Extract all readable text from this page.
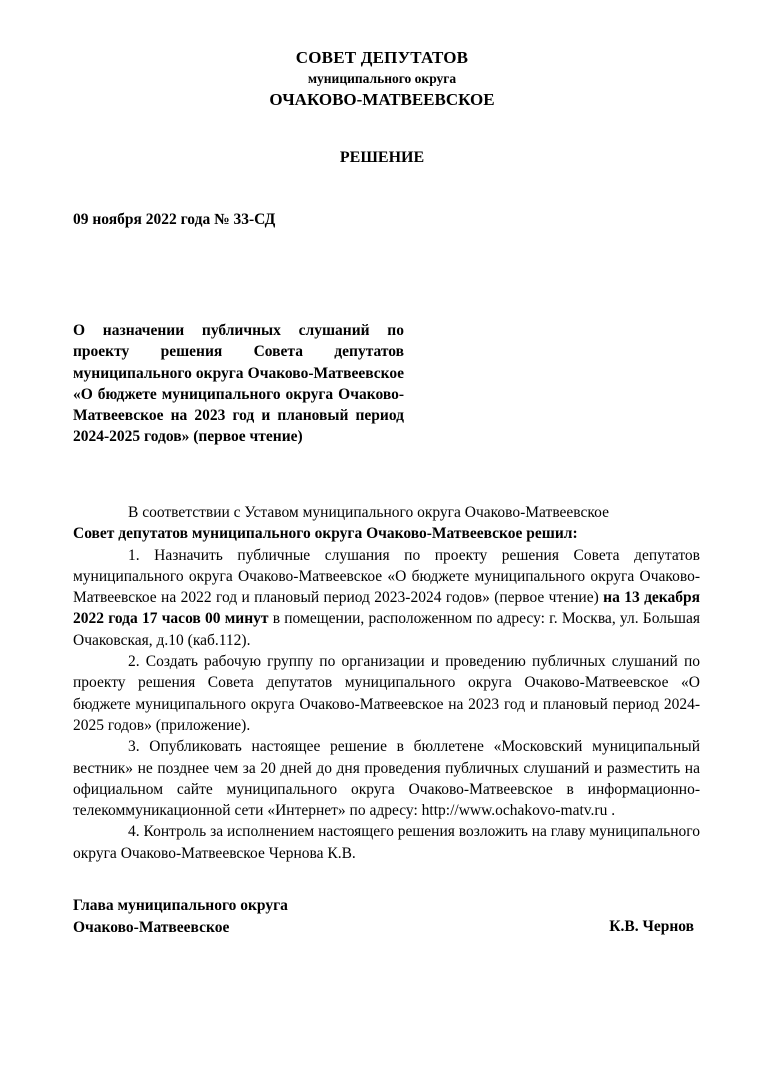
СОВЕТ ДЕПУТАТОВ
муниципального округа
ОЧАКОВО-МАТВЕЕВСКОЕ
РЕШЕНИЕ
09 ноября 2022 года № 33-СД
О назначении публичных слушаний по проекту решения Совета депутатов муниципального округа Очаково-Матвеевское «О бюджете муниципального округа Очаково-Матвеевское на 2023 год и плановый период 2024-2025 годов» (первое чтение)

В соответствии с Уставом муниципального округа Очаково-Матвеевское

Совет депутатов муниципального округа Очаково-Матвеевское решил:

1. Назначить публичные слушания по проекту решения Совета депутатов муниципального округа Очаково-Матвеевское «О бюджете муниципального округа Очаково-Матвеевское на 2022 год и плановый период 2023-2024 годов» (первое чтение) на 13 декабря 2022 года 17 часов 00 минут в помещении, расположенном по адресу: г. Москва, ул. Большая Очаковская, д.10 (каб.112).

2. Создать рабочую группу по организации и проведению публичных слушаний по проекту решения Совета депутатов муниципального округа Очаково-Матвеевское «О бюджете муниципального округа Очаково-Матвеевское на 2023 год и плановый период 2024-2025 годов» (приложение).

3. Опубликовать настоящее решение в бюллетене «Московский муниципальный вестник» не позднее чем за 20 дней до дня проведения публичных слушаний и разместить на официальном сайте муниципального округа Очаково-Матвеевское в информационно-телекоммуникационной сети «Интернет» по адресу: http://www.ochakovo-matv.ru .

4. Контроль за исполнением настоящего решения возложить на главу муниципального округа Очаково-Матвеевское Чернова К.В.

Глава муниципального округа
Очаково-Матвеевское	К.В. Чернов
